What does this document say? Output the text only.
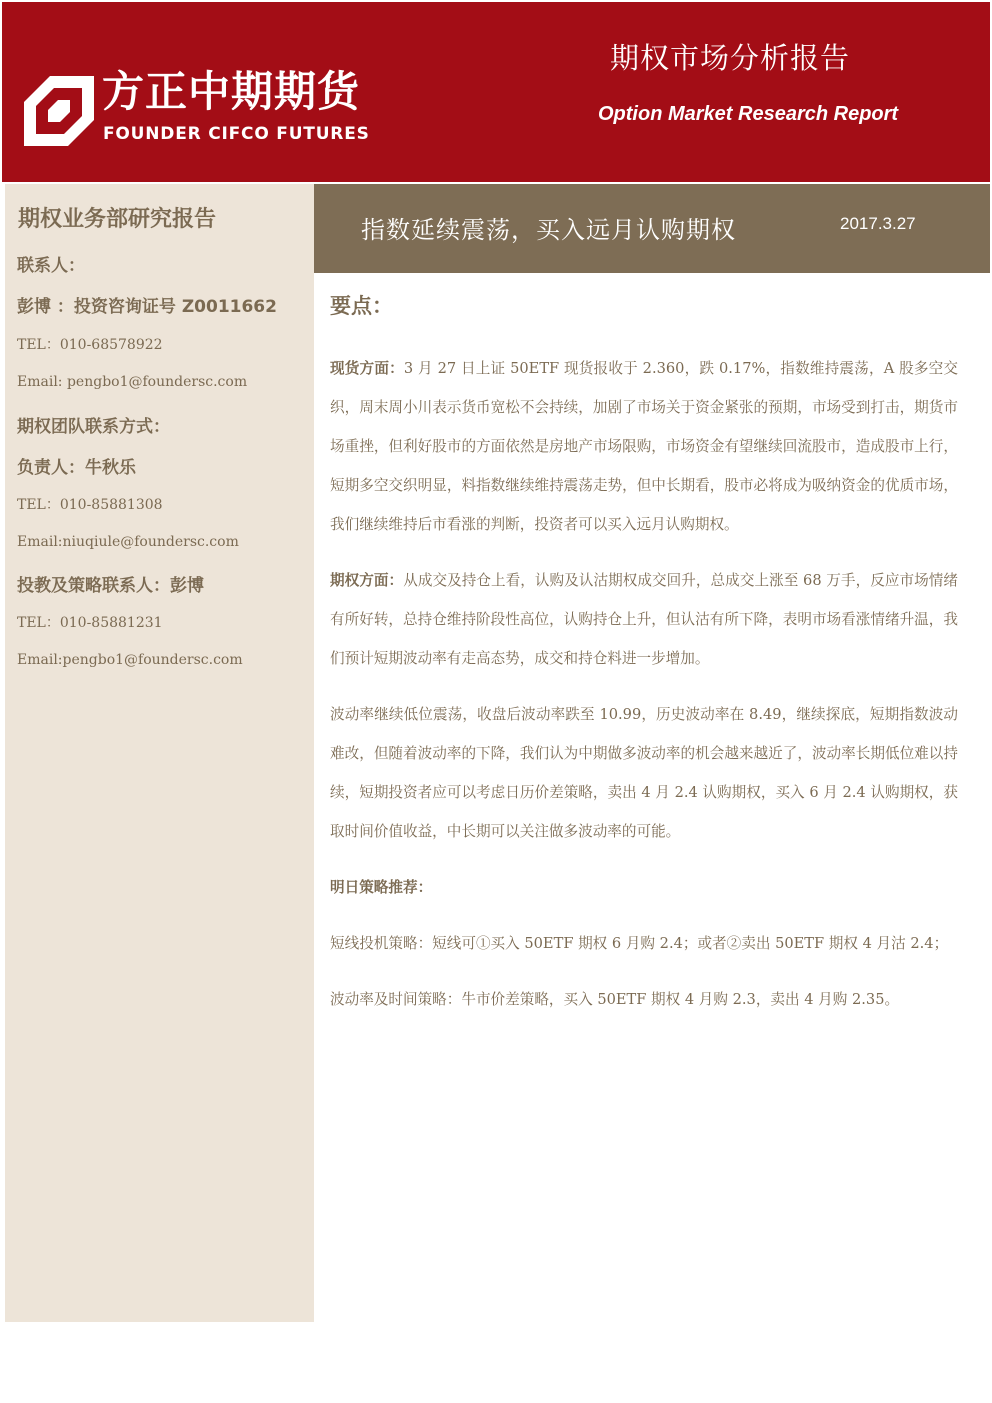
方正中期期货
FOUNDER CIFCO FUTURES
期权市场分析报告
Option Market Research Report
期权业务部研究报告
联系人：
彭博 ：投资咨询证号 Z0011662
TEL：010-68578922
Email: pengbo1@foundersc.com
期权团队联系方式：
负责人：牛秋乐
TEL：010-85881308
Email:niuqiule@foundersc.com
投教及策略联系人：彭博
TEL：010-85881231
Email:pengbo1@foundersc.com
指数延续震荡，买入远月认购期权	2017.3.27
要点：

现货方面：3 月 27 日上证 50ETF 现货报收于 2.360，跌 0.17%，指数维持震荡，A 股多空交织，周末周小川表示货币宽松不会持续，加剧了市场关于资金紧张的预期，市场受到打击，期货市场重挫，但利好股市的方面依然是房地产市场限购，市场资金有望继续回流股市，造成股市上行，短期多空交织明显，料指数继续维持震荡走势，但中长期看，股市必将成为吸纳资金的优质市场，我们继续维持后市看涨的判断，投资者可以买入远月认购期权。

期权方面：从成交及持仓上看，认购及认沽期权成交回升，总成交上涨至 68 万手，反应市场情绪有所好转，总持仓维持阶段性高位，认购持仓上升，但认沽有所下降，表明市场看涨情绪升温，我们预计短期波动率有走高态势，成交和持仓料进一步增加。

波动率继续低位震荡，收盘后波动率跌至 10.99，历史波动率在 8.49，继续探底，短期指数波动难改，但随着波动率的下降，我们认为中期做多波动率的机会越来越近了，波动率长期低位难以持续，短期投资者应可以考虑日历价差策略，卖出 4 月 2.4 认购期权，买入 6 月 2.4 认购期权，获取时间价值收益，中长期可以关注做多波动率的可能。

明日策略推荐：

短线投机策略：短线可①买入 50ETF 期权 6 月购 2.4；或者②卖出 50ETF 期权 4 月沽 2.4；

波动率及时间策略：牛市价差策略，买入 50ETF 期权 4 月购 2.3，卖出 4 月购 2.35。
